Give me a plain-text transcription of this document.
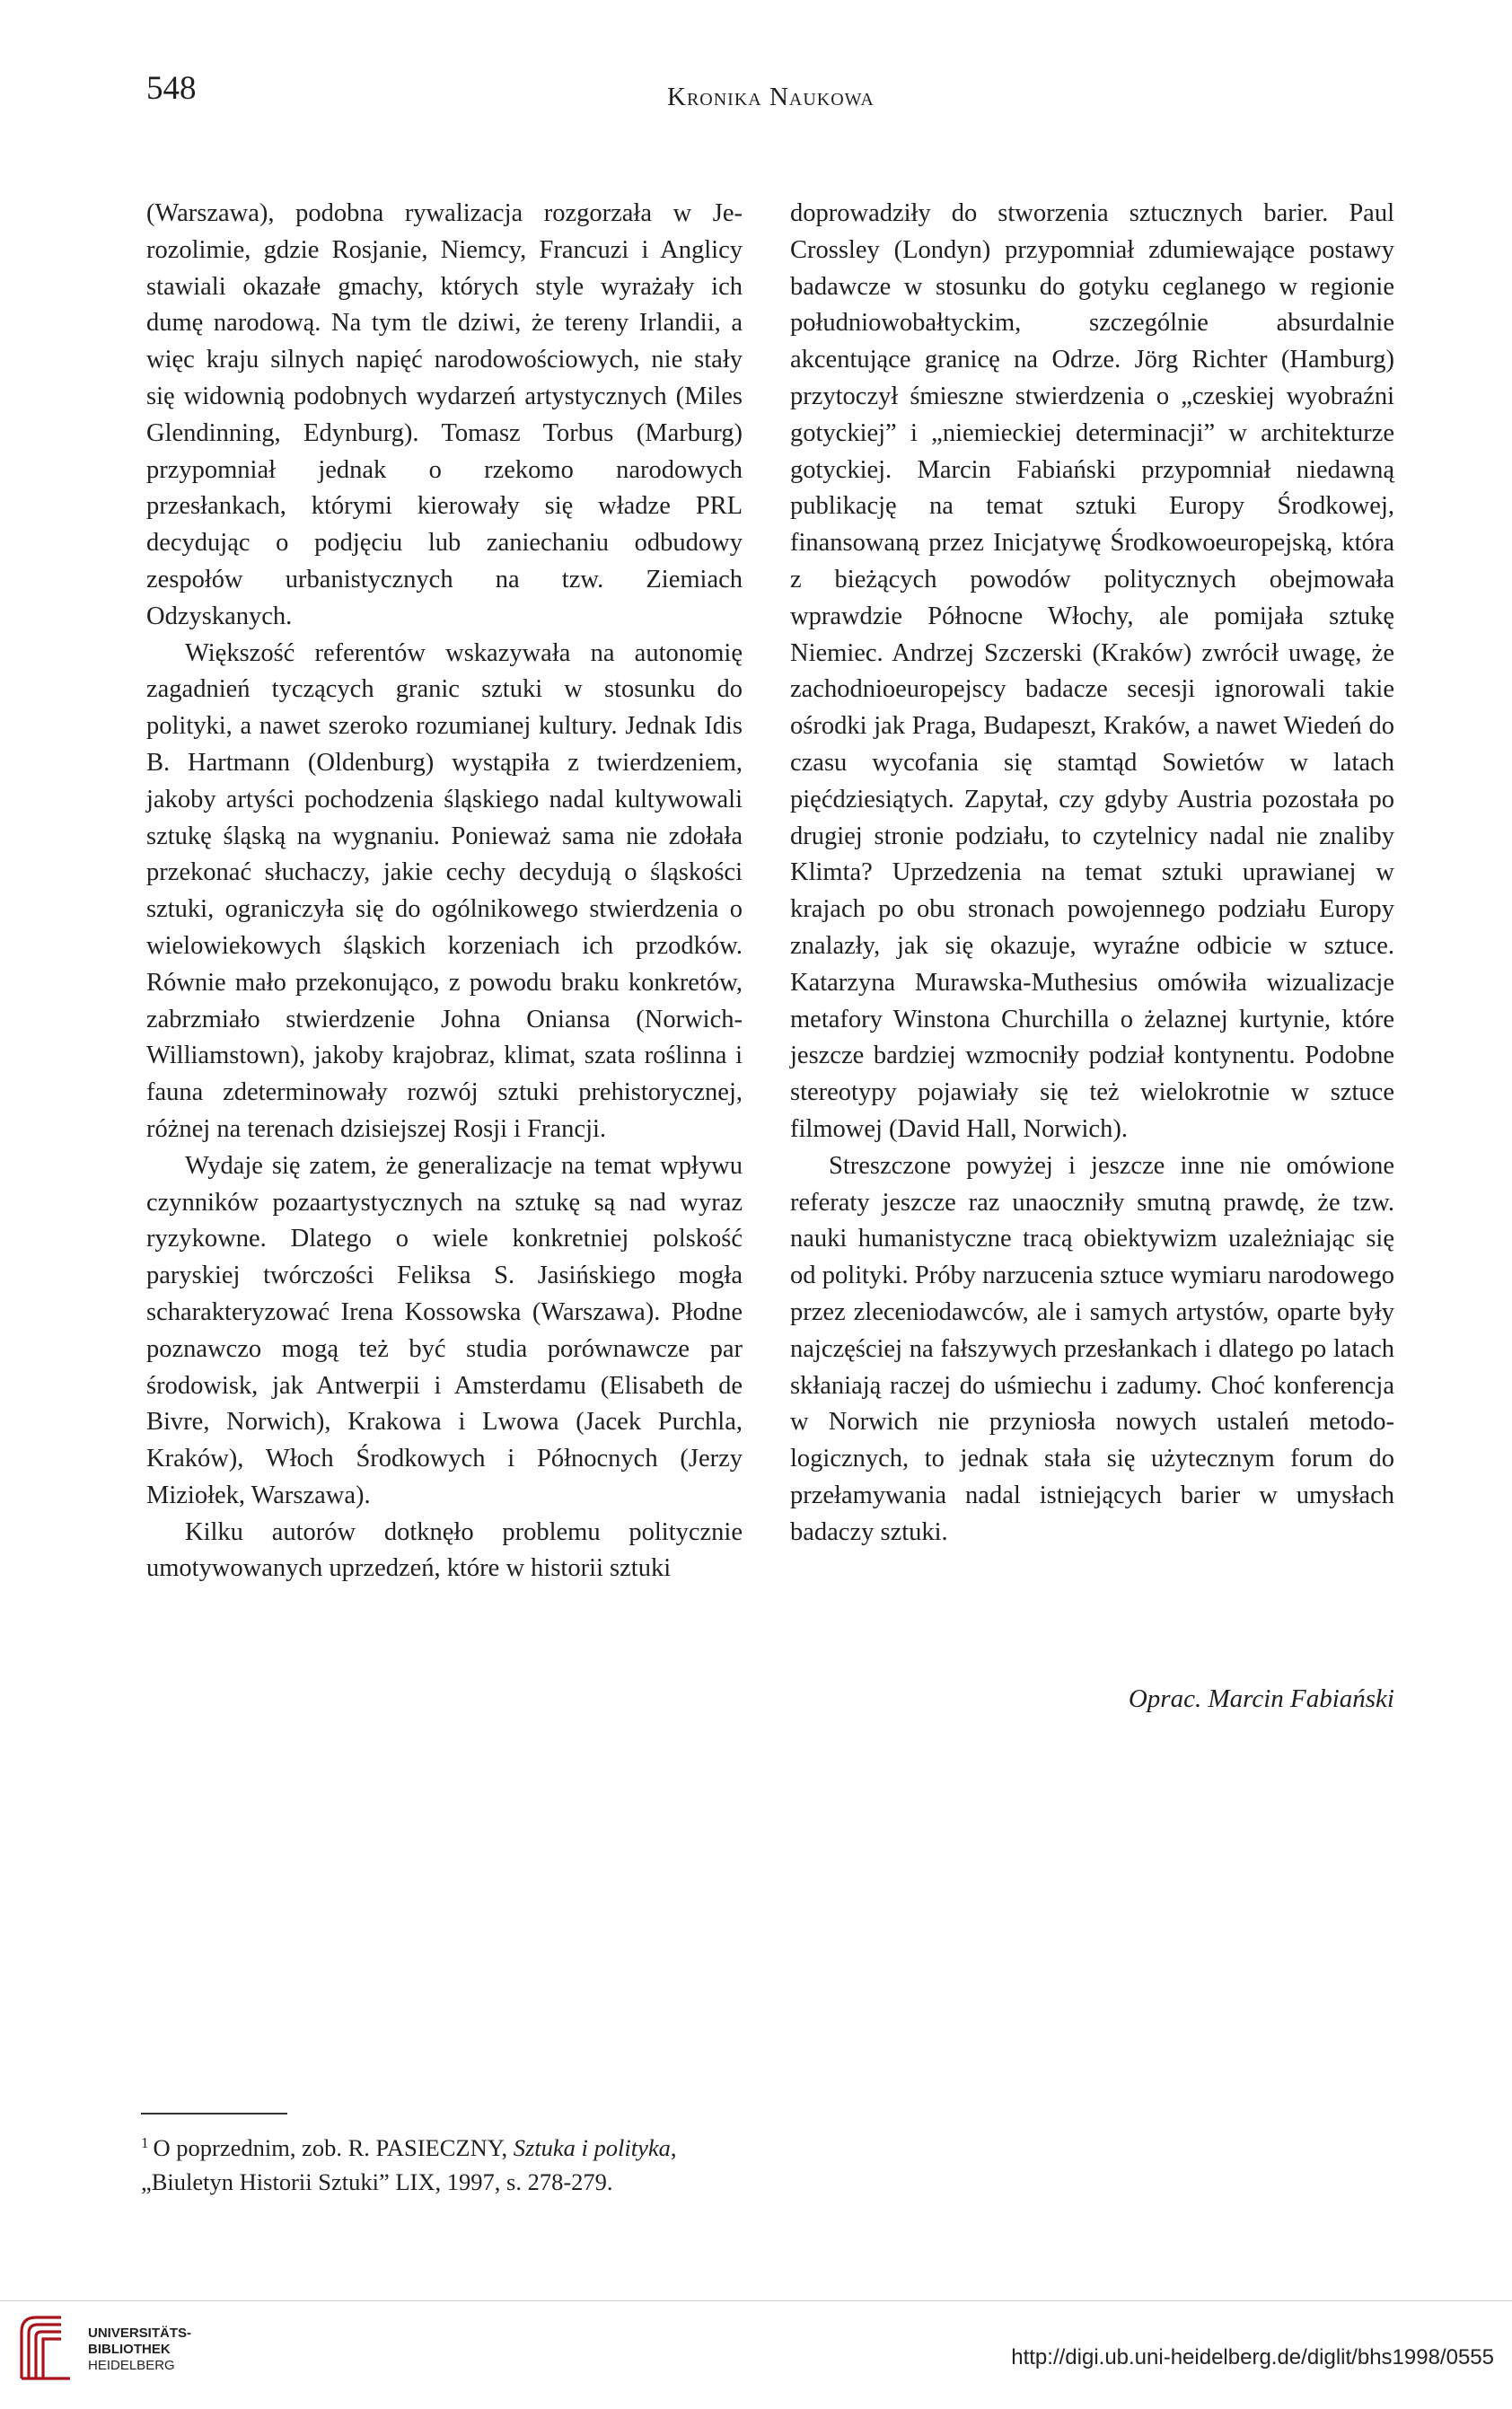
548	Kronika Naukowa

(Warszawa), podobna rywalizacja rozgorzała w Jerozolimie, gdzie Rosjanie, Niemcy, Francuzi i Anglicy stawiali okazałe gmachy, których style wyrażały ich dumę narodową. Na tym tle dziwi, że tereny Irlandii, a więc kraju silnych napięć narodowościowych, nie stały się widownią podobnych wydarzeń artystycznych (Miles Glendinning, Edynburg). Tomasz Torbus (Marburg) przypomniał jednak o rzekomo narodowych przesłankach, którymi kierowały się władze PRL decydując o podjęciu lub zaniechaniu odbudowy zespołów urbanistycznych na tzw. Ziemiach Odzyskanych.

Większość referentów wskazywała na autonomię zagadnień tyczących granic sztuki w stosunku do polityki, a nawet szeroko rozumianej kultury. Jednak Idis B. Hartmann (Oldenburg) wystąpiła z twierdzeniem, jakoby artyści pochodzenia śląskiego nadal kultywowali sztukę śląską na wygnaniu. Ponieważ sama nie zdołała przekonać słuchaczy, jakie cechy decydują o śląskości sztuki, ograniczyła się do ogólnikowego stwierdzenia o wielowiekowych śląskich korzeniach ich przodków. Równie mało przekonująco, z powodu braku konkretów, zabrzmiało stwierdzenie Johna Oniansa (Norwich-Williamstown), jakoby krajobraz, klimat, szata roślinna i fauna zdeterminowały rozwój sztuki prehistorycznej, różnej na terenach dzisiejszej Rosji i Francji.

Wydaje się zatem, że generalizacje na temat wpływu czynników pozaartystycznych na sztukę są nad wyraz ryzykowne. Dlatego o wiele konkretniej polskość paryskiej twórczości Feliksa S. Jasińskiego mogła scharakteryzować Irena Kossowska (Warszawa). Płodne poznawczo mogą też być studia porównawcze par środowisk, jak Antwerpii i Amsterdamu (Elisabeth de Bivre, Norwich), Krakowa i Lwowa (Jacek Purchla, Kraków), Włoch Środkowych i Północnych (Jerzy Miziołek, Warszawa).

Kilku autorów dotknęło problemu politycznie umotywowanych uprzedzeń, które w historii sztuki

doprowadziły do stworzenia sztucznych barier. Paul Crossley (Londyn) przypomniał zdumiewające postawy badawcze w stosunku do gotyku ceglanego w regionie południowobałtyckim, szczególnie absurdalnie akcentujące granicę na Odrze. Jörg Richter (Hamburg) przytoczył śmieszne stwierdzenia o „czeskiej wyobraźni gotyckiej” i „niemieckiej determinacji” w architekturze gotyckiej. Marcin Fabiański przypomniał niedawną publikację na temat sztuki Europy Środkowej, finansowaną przez Inicjatywę Środkowoeuropejską, która z bieżących powodów politycznych obejmowała wprawdzie Północne Włochy, ale pomijała sztukę Niemiec. Andrzej Szczerski (Kraków) zwrócił uwagę, że zachodnioeuropejscy badacze secesji ignorowali takie ośrodki jak Praga, Budapeszt, Kraków, a nawet Wiedeń do czasu wycofania się stamtąd Sowietów w latach pięćdziesiątych. Zapytał, czy gdyby Austria pozostała po drugiej stronie podziału, to czytelnicy nadal nie znaliby Klimta? Uprzedzenia na temat sztuki uprawianej w krajach po obu stronach powojennego podziału Europy znalazły, jak się okazuje, wyraźne odbicie w sztuce. Katarzyna Murawska-Muthesius omówiła wizualizacje metafory Winstona Churchilla o żelaznej kurtynie, które jeszcze bardziej wzmocniły podział kontynentu. Podobne stereotypy pojawiały się też wielokrotnie w sztuce filmowej (David Hall, Norwich).

Streszczone powyżej i jeszcze inne nie omówione referaty jeszcze raz unaoczniły smutną prawdę, że tzw. nauki humanistyczne tracą obiektywizm uzależniając się od polityki. Próby narzucenia sztuce wymiaru narodowego przez zleceniodawców, ale i samych artystów, oparte były najczęściej na fałszywych przesłankach i dlatego po latach skłaniają raczej do uśmiechu i zadumy. Choć konferencja w Norwich nie przyniosła nowych ustaleń metodologicznych, to jednak stała się użytecznym forum do przełamywania nadal istniejących barier w umysłach badaczy sztuki.

Oprac. Marcin Fabiański
$^1$ O poprzednim, zob. R. PASIECZNY, Sztuka i polityka, „Biuletyn Historii Sztuki” LIX, 1997, s. 278-279.
UNIVERSITÄTS-
BIBLIOTHEK
HEIDELBERG	http://digi.ub.uni-heidelberg.de/diglit/bhs1998/0555
